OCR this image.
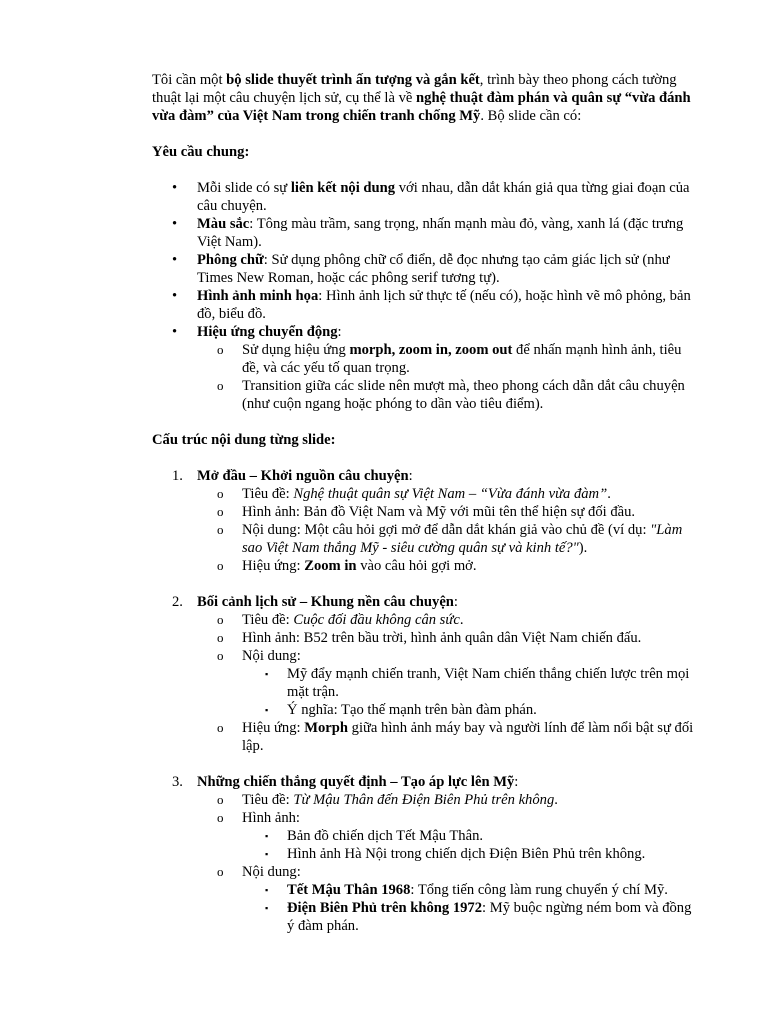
Tôi cần một bộ slide thuyết trình ấn tượng và gắn kết, trình bày theo phong cách tường thuật lại một câu chuyện lịch sử, cụ thể là về nghệ thuật đàm phán và quân sự “vừa đánh vừa đàm” của Việt Nam trong chiến tranh chống Mỹ. Bộ slide cần có:

Yêu cầu chung:

• Mỗi slide có sự liên kết nội dung với nhau, dẫn dắt khán giả qua từng giai đoạn của câu chuyện.
• Màu sắc: Tông màu trầm, sang trọng, nhấn mạnh màu đỏ, vàng, xanh lá (đặc trưng Việt Nam).
• Phông chữ: Sử dụng phông chữ cổ điển, dễ đọc nhưng tạo cảm giác lịch sử (như Times New Roman, hoặc các phông serif tương tự).
• Hình ảnh minh họa: Hình ảnh lịch sử thực tế (nếu có), hoặc hình vẽ mô phỏng, bản đồ, biểu đồ.
• Hiệu ứng chuyển động:
o Sử dụng hiệu ứng morph, zoom in, zoom out để nhấn mạnh hình ảnh, tiêu đề, và các yếu tố quan trọng.
o Transition giữa các slide nên mượt mà, theo phong cách dẫn dắt câu chuyện (như cuộn ngang hoặc phóng to dần vào tiêu điểm).

Cấu trúc nội dung từng slide:

1. Mở đầu – Khởi nguồn câu chuyện:
o Tiêu đề: Nghệ thuật quân sự Việt Nam – “Vừa đánh vừa đàm”.
o Hình ảnh: Bản đồ Việt Nam và Mỹ với mũi tên thể hiện sự đối đầu.
o Nội dung: Một câu hỏi gợi mở để dẫn dắt khán giả vào chủ đề (ví dụ: "Làm sao Việt Nam thắng Mỹ - siêu cường quân sự và kinh tế?").
o Hiệu ứng: Zoom in vào câu hỏi gợi mở.
2. Bối cảnh lịch sử – Khung nền câu chuyện:
o Tiêu đề: Cuộc đối đầu không cân sức.
o Hình ảnh: B52 trên bầu trời, hình ảnh quân dân Việt Nam chiến đấu.
o Nội dung:
▪ Mỹ đẩy mạnh chiến tranh, Việt Nam chiến thắng chiến lược trên mọi mặt trận.
▪ Ý nghĩa: Tạo thế mạnh trên bàn đàm phán.
o Hiệu ứng: Morph giữa hình ảnh máy bay và người lính để làm nổi bật sự đối lập.
3. Những chiến thắng quyết định – Tạo áp lực lên Mỹ:
o Tiêu đề: Từ Mậu Thân đến Điện Biên Phủ trên không.
o Hình ảnh:
▪ Bản đồ chiến dịch Tết Mậu Thân.
▪ Hình ảnh Hà Nội trong chiến dịch Điện Biên Phủ trên không.
o Nội dung:
▪ Tết Mậu Thân 1968: Tổng tiến công làm rung chuyển ý chí Mỹ.
▪ Điện Biên Phủ trên không 1972: Mỹ buộc ngừng ném bom và đồng ý đàm phán.
